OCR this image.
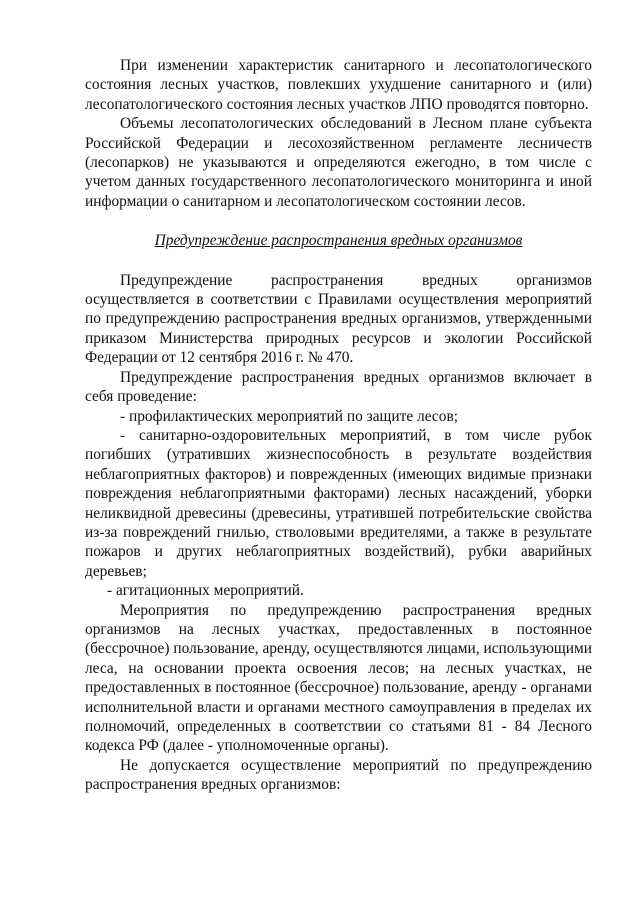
При изменении характеристик санитарного и лесопатологического состояния лесных участков, повлекших ухудшение санитарного и (или) лесопатологического состояния лесных участков ЛПО проводятся повторно.

Объемы лесопатологических обследований в Лесном плане субъекта Российской Федерации и лесохозяйственном регламенте лесничеств (лесопарков) не указываются и определяются ежегодно, в том числе с учетом данных государственного лесопатологического мониторинга и иной информации о санитарном и лесопатологическом состоянии лесов.

Предупреждение распространения вредных организмов

Предупреждение распространения вредных организмов осуществляется в соответствии с Правилами осуществления мероприятий по предупреждению распространения вредных организмов, утвержденными приказом Министерства природных ресурсов и экологии Российской Федерации от 12 сентября 2016 г. № 470.

Предупреждение распространения вредных организмов включает в себя проведение:

- профилактических мероприятий по защите лесов;

- санитарно-оздоровительных мероприятий, в том числе рубок погибших (утративших жизнеспособность в результате воздействия неблагоприятных факторов) и поврежденных (имеющих видимые признаки повреждения неблагоприятными факторами) лесных насаждений, уборки неликвидной древесины (древесины, утратившей потребительские свойства из-за повреждений гнилью, стволовыми вредителями, а также в результате пожаров и других неблагоприятных воздействий), рубки аварийных деревьев;

- агитационных мероприятий.

Мероприятия по предупреждению распространения вредных организмов на лесных участках, предоставленных в постоянное (бессрочное) пользование, аренду, осуществляются лицами, использующими леса, на основании проекта освоения лесов; на лесных участках, не предоставленных в постоянное (бессрочное) пользование, аренду - органами исполнительной власти и органами местного самоуправления в пределах их полномочий, определенных в соответствии со статьями 81 - 84 Лесного кодекса РФ (далее - уполномоченные органы).

Не допускается осуществление мероприятий по предупреждению распространения вредных организмов:
